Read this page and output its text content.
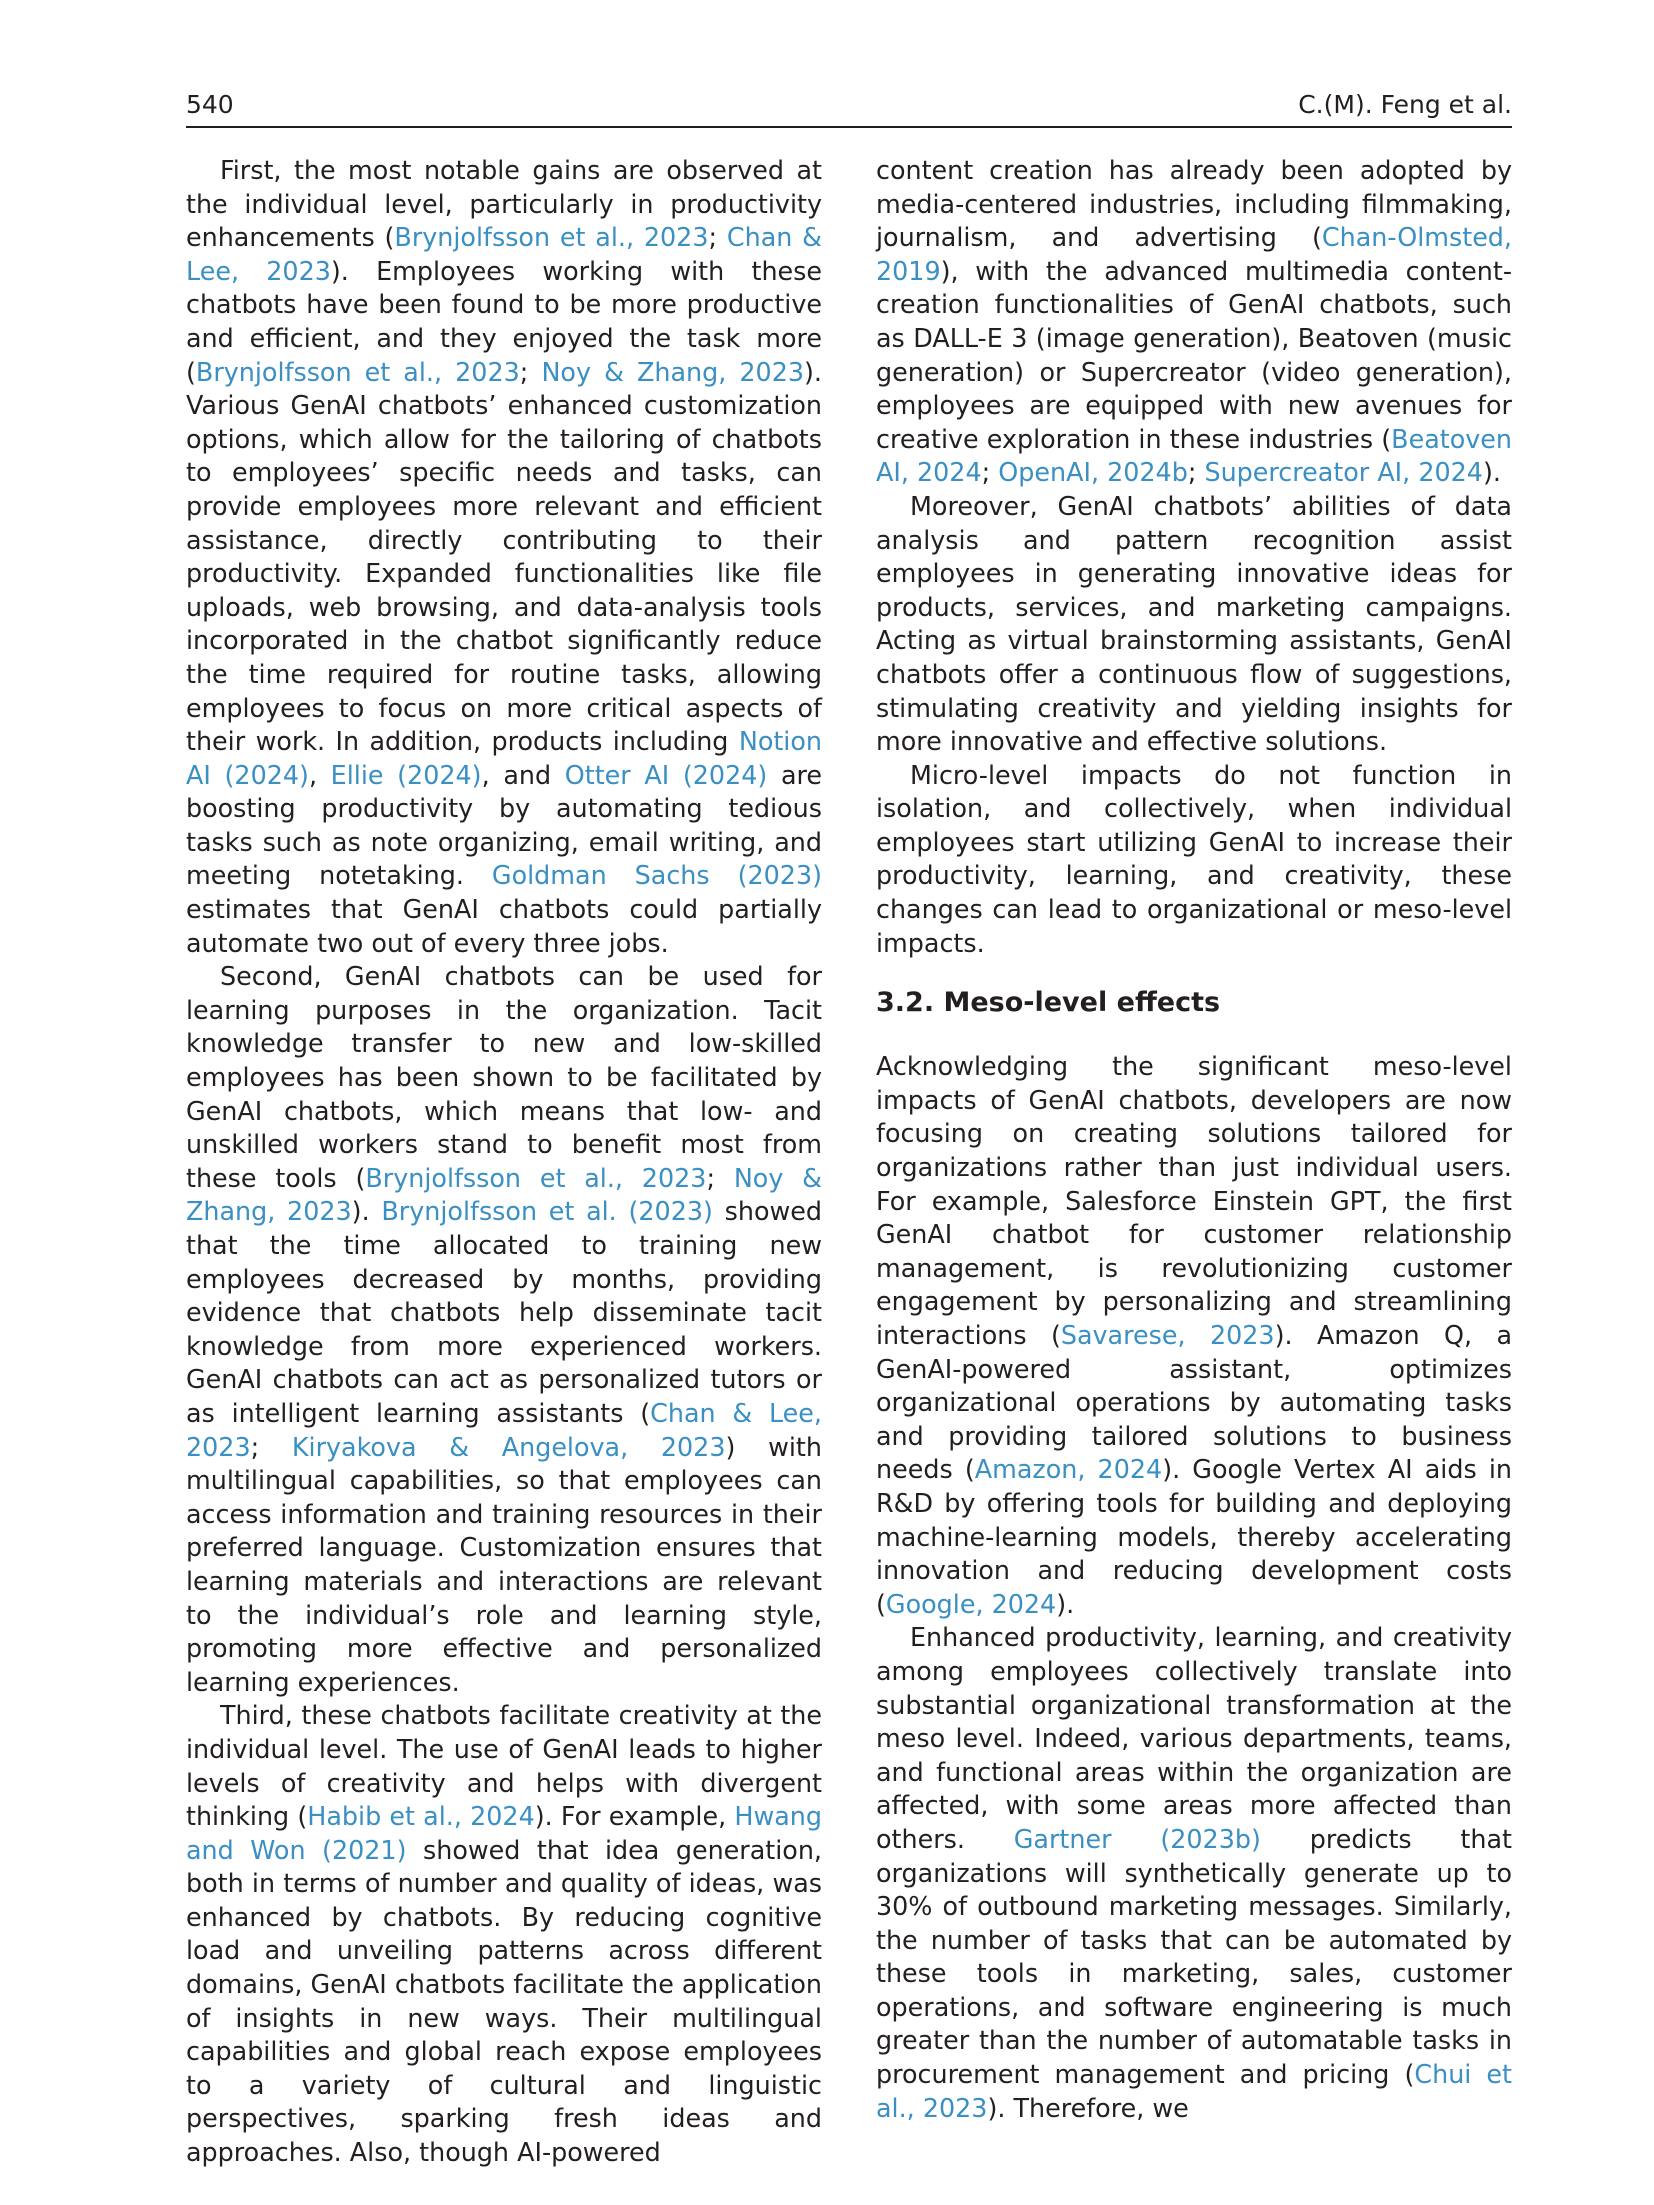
540	C.(M). Feng et al.

First, the most notable gains are observed at the individual level, particularly in productivity enhancements (Brynjolfsson et al., 2023; Chan & Lee, 2023). Employees working with these chatbots have been found to be more productive and efficient, and they enjoyed the task more (Brynjolfsson et al., 2023; Noy & Zhang, 2023). Various GenAI chatbots’ enhanced customization options, which allow for the tailoring of chatbots to employees’ specific needs and tasks, can provide employees more relevant and efficient assistance, directly contributing to their productivity. Expanded functionalities like file uploads, web browsing, and data-analysis tools incorporated in the chatbot significantly reduce the time required for routine tasks, allowing employees to focus on more critical aspects of their work. In addition, products including Notion AI (2024), Ellie (2024), and Otter AI (2024) are boosting productivity by automating tedious tasks such as note organizing, email writing, and meeting notetaking. Goldman Sachs (2023) estimates that GenAI chatbots could partially automate two out of every three jobs.

Second, GenAI chatbots can be used for learning purposes in the organization. Tacit knowledge transfer to new and low-skilled employees has been shown to be facilitated by GenAI chatbots, which means that low- and unskilled workers stand to benefit most from these tools (Brynjolfsson et al., 2023; Noy & Zhang, 2023). Brynjolfsson et al. (2023) showed that the time allocated to training new employees decreased by months, providing evidence that chatbots help disseminate tacit knowledge from more experienced workers. GenAI chatbots can act as personalized tutors or as intelligent learning assistants (Chan & Lee, 2023; Kiryakova & Angelova, 2023) with multilingual capabilities, so that employees can access information and training resources in their preferred language. Customization ensures that learning materials and interactions are relevant to the individual’s role and learning style, promoting more effective and personalized learning experiences.

Third, these chatbots facilitate creativity at the individual level. The use of GenAI leads to higher levels of creativity and helps with divergent thinking (Habib et al., 2024). For example, Hwang and Won (2021) showed that idea generation, both in terms of number and quality of ideas, was enhanced by chatbots. By reducing cognitive load and unveiling patterns across different domains, GenAI chatbots facilitate the application of insights in new ways. Their multilingual capabilities and global reach expose employees to a variety of cultural and linguistic perspectives, sparking fresh ideas and approaches. Also, though AI-powered

content creation has already been adopted by media-centered industries, including filmmaking, journalism, and advertising (Chan-Olmsted, 2019), with the advanced multimedia content-creation functionalities of GenAI chatbots, such as DALL-E 3 (image generation), Beatoven (music generation) or Supercreator (video generation), employees are equipped with new avenues for creative exploration in these industries (Beatoven AI, 2024; OpenAI, 2024b; Supercreator AI, 2024).

Moreover, GenAI chatbots’ abilities of data analysis and pattern recognition assist employees in generating innovative ideas for products, services, and marketing campaigns. Acting as virtual brainstorming assistants, GenAI chatbots offer a continuous flow of suggestions, stimulating creativity and yielding insights for more innovative and effective solutions.

Micro-level impacts do not function in isolation, and collectively, when individual employees start utilizing GenAI to increase their productivity, learning, and creativity, these changes can lead to organizational or meso-level impacts.

3.2. Meso-level effects

Acknowledging the significant meso-level impacts of GenAI chatbots, developers are now focusing on creating solutions tailored for organizations rather than just individual users. For example, Salesforce Einstein GPT, the first GenAI chatbot for customer relationship management, is revolutionizing customer engagement by personalizing and streamlining interactions (Savarese, 2023). Amazon Q, a GenAI-powered assistant, optimizes organizational operations by automating tasks and providing tailored solutions to business needs (Amazon, 2024). Google Vertex AI aids in R&D by offering tools for building and deploying machine-learning models, thereby accelerating innovation and reducing development costs (Google, 2024).

Enhanced productivity, learning, and creativity among employees collectively translate into substantial organizational transformation at the meso level. Indeed, various departments, teams, and functional areas within the organization are affected, with some areas more affected than others. Gartner (2023b) predicts that organizations will synthetically generate up to 30% of outbound marketing messages. Similarly, the number of tasks that can be automated by these tools in marketing, sales, customer operations, and software engineering is much greater than the number of automatable tasks in procurement management and pricing (Chui et al., 2023). Therefore, we
